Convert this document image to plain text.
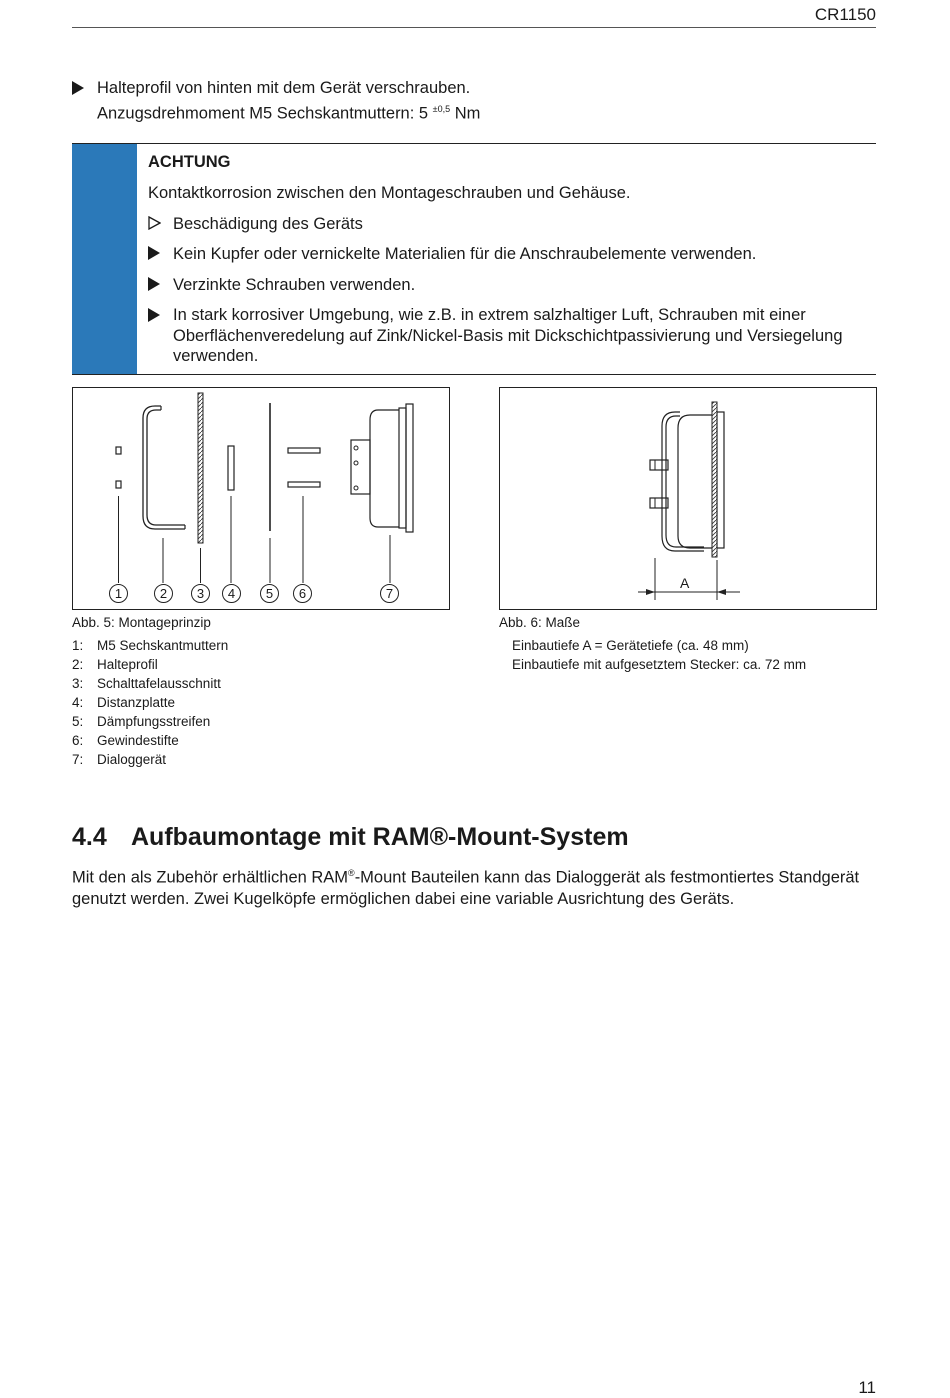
CR1150
Halteprofil von hinten mit dem Gerät verschrauben.
Anzugsdrehmoment M5 Sechskantmuttern: 5 $^{\pm 0,5}$ Nm
ACHTUNG
Kontaktkorrosion zwischen den Montageschrauben und Gehäuse.
Beschädigung des Geräts
Kein Kupfer oder vernickelte Materialien für die Anschraubelemente verwenden.
Verzinkte Schrauben verwenden.
In stark korrosiver Umgebung, wie z.B. in extrem salzhaltiger Luft, Schrauben mit einer Oberflächenveredelung auf Zink/Nickel-Basis mit Dickschichtpassivierung und Versiegelung verwenden.
1	2	3	4	5	6	7
Abb. 5: Montageprinzip
1: M5 Sechskantmuttern
2: Halteprofil
3: Schalttafelausschnitt
4: Distanzplatte
5: Dämpfungsstreifen
6: Gewindestifte
7: Dialoggerät
A
Abb. 6: Maße
Einbautiefe A = Gerätetiefe (ca. 48 mm)
Einbautiefe mit aufgesetztem Stecker: ca. 72 mm
4.4 Aufbaumontage mit RAM®-Mount-System
Mit den als Zubehör erhältlichen RAM®-Mount Bauteilen kann das Dialoggerät als festmontiertes Standgerät genutzt werden. Zwei Kugelköpfe ermöglichen dabei eine variable Ausrichtung des Geräts.
11
